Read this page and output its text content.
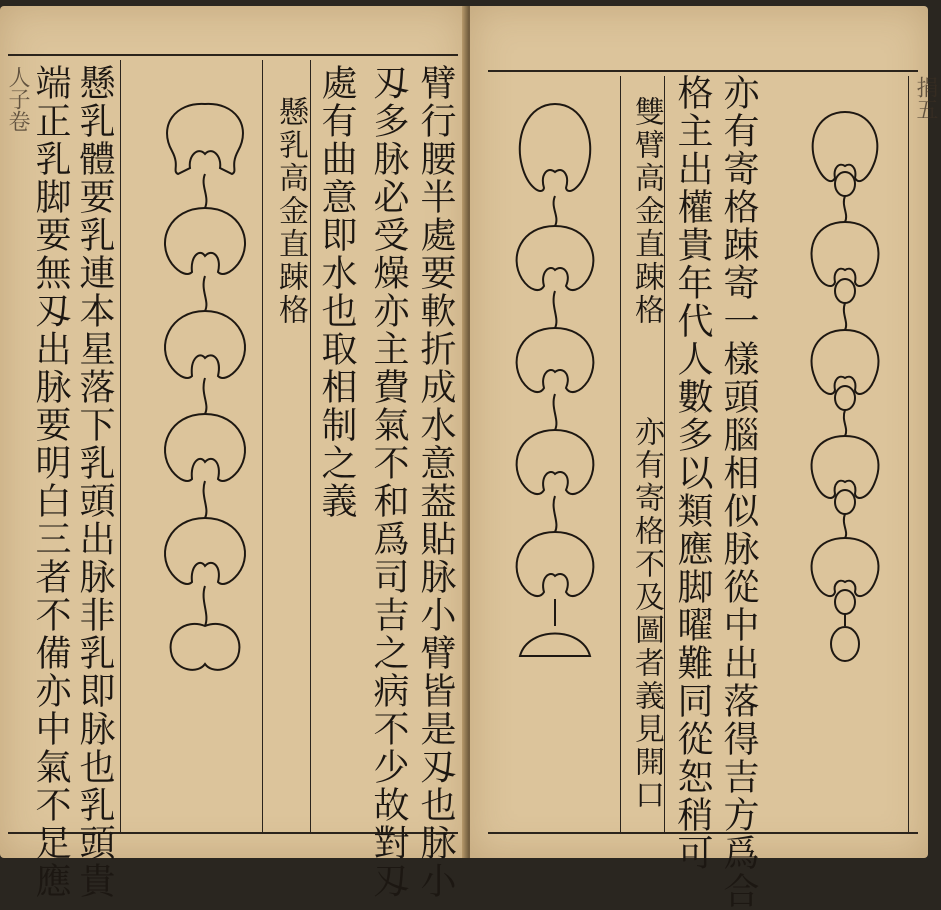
人子卷	臂行腰半處要軟折成水意葢貼脉小臂皆是刄也脉小
刄多脉必受燥亦主費氣不和爲司吉之病不少故對刄
處有曲意即水也取相制之義
懸乳高金直踈格
懸乳體要乳連本星落下乳頭出脉非乳即脉也乳頭貴
端正乳脚要無刄出脉要明白三者不備亦中氣不足應	雙臂高金直踈格
亦有寄格不及圖者義見開口 格主出權貴年代人數多以類應脚曜難同從恕稍可 亦有寄格踈寄一樣頭腦相似脉從中出落得吉方爲合	捐五
